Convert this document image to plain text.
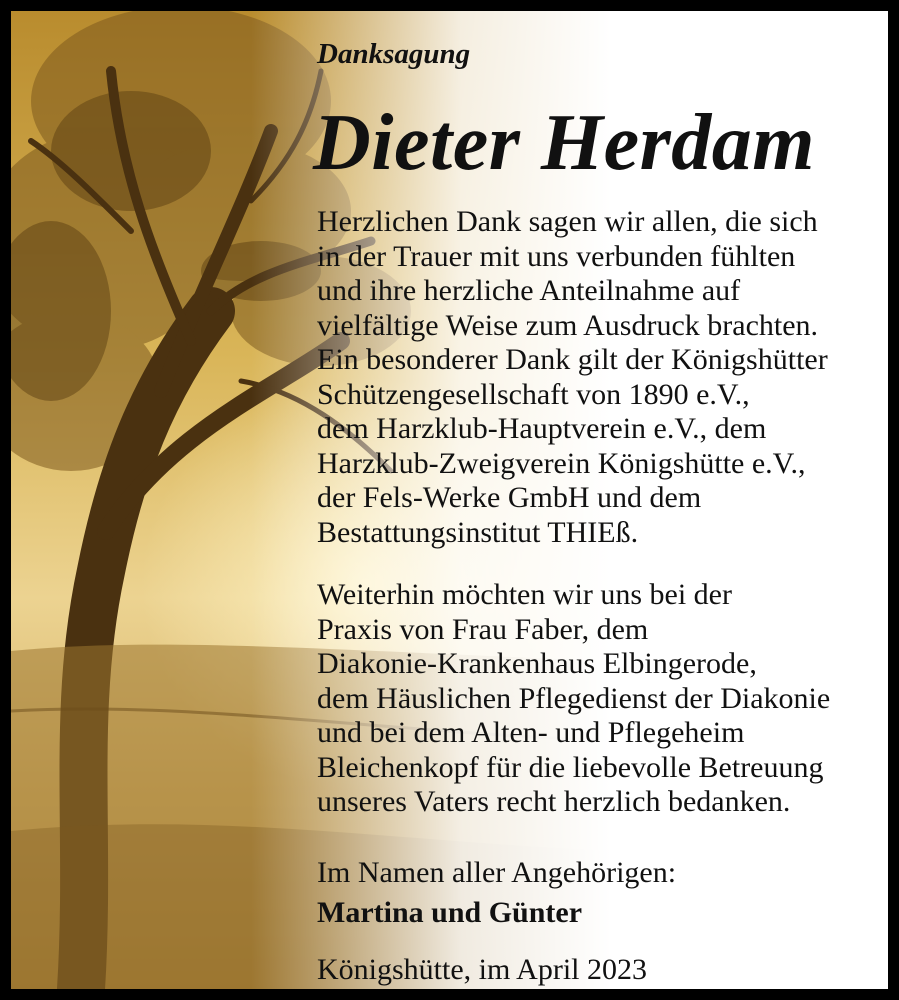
Danksagung

Dieter Herdam

Herzlichen Dank sagen wir allen, die sich
in der Trauer mit uns verbunden fühlten
und ihre herzliche Anteilnahme auf
vielfältige Weise zum Ausdruck brachten.
Ein besonderer Dank gilt der Königshütter
Schützengesellschaft von 1890 e.V.,
dem Harzklub-Hauptverein e.V., dem
Harzklub-Zweigverein Königshütte e.V.,
der Fels-Werke GmbH und dem
Bestattungsinstitut THIEß.

Weiterhin möchten wir uns bei der
Praxis von Frau Faber, dem
Diakonie-Krankenhaus Elbingerode,
dem Häuslichen Pflegedienst der Diakonie
und bei dem Alten- und Pflegeheim
Bleichenkopf für die liebevolle Betreuung
unseres Vaters recht herzlich bedanken.

Im Namen aller Angehörigen:

Martina und Günter

Königshütte, im April 2023
